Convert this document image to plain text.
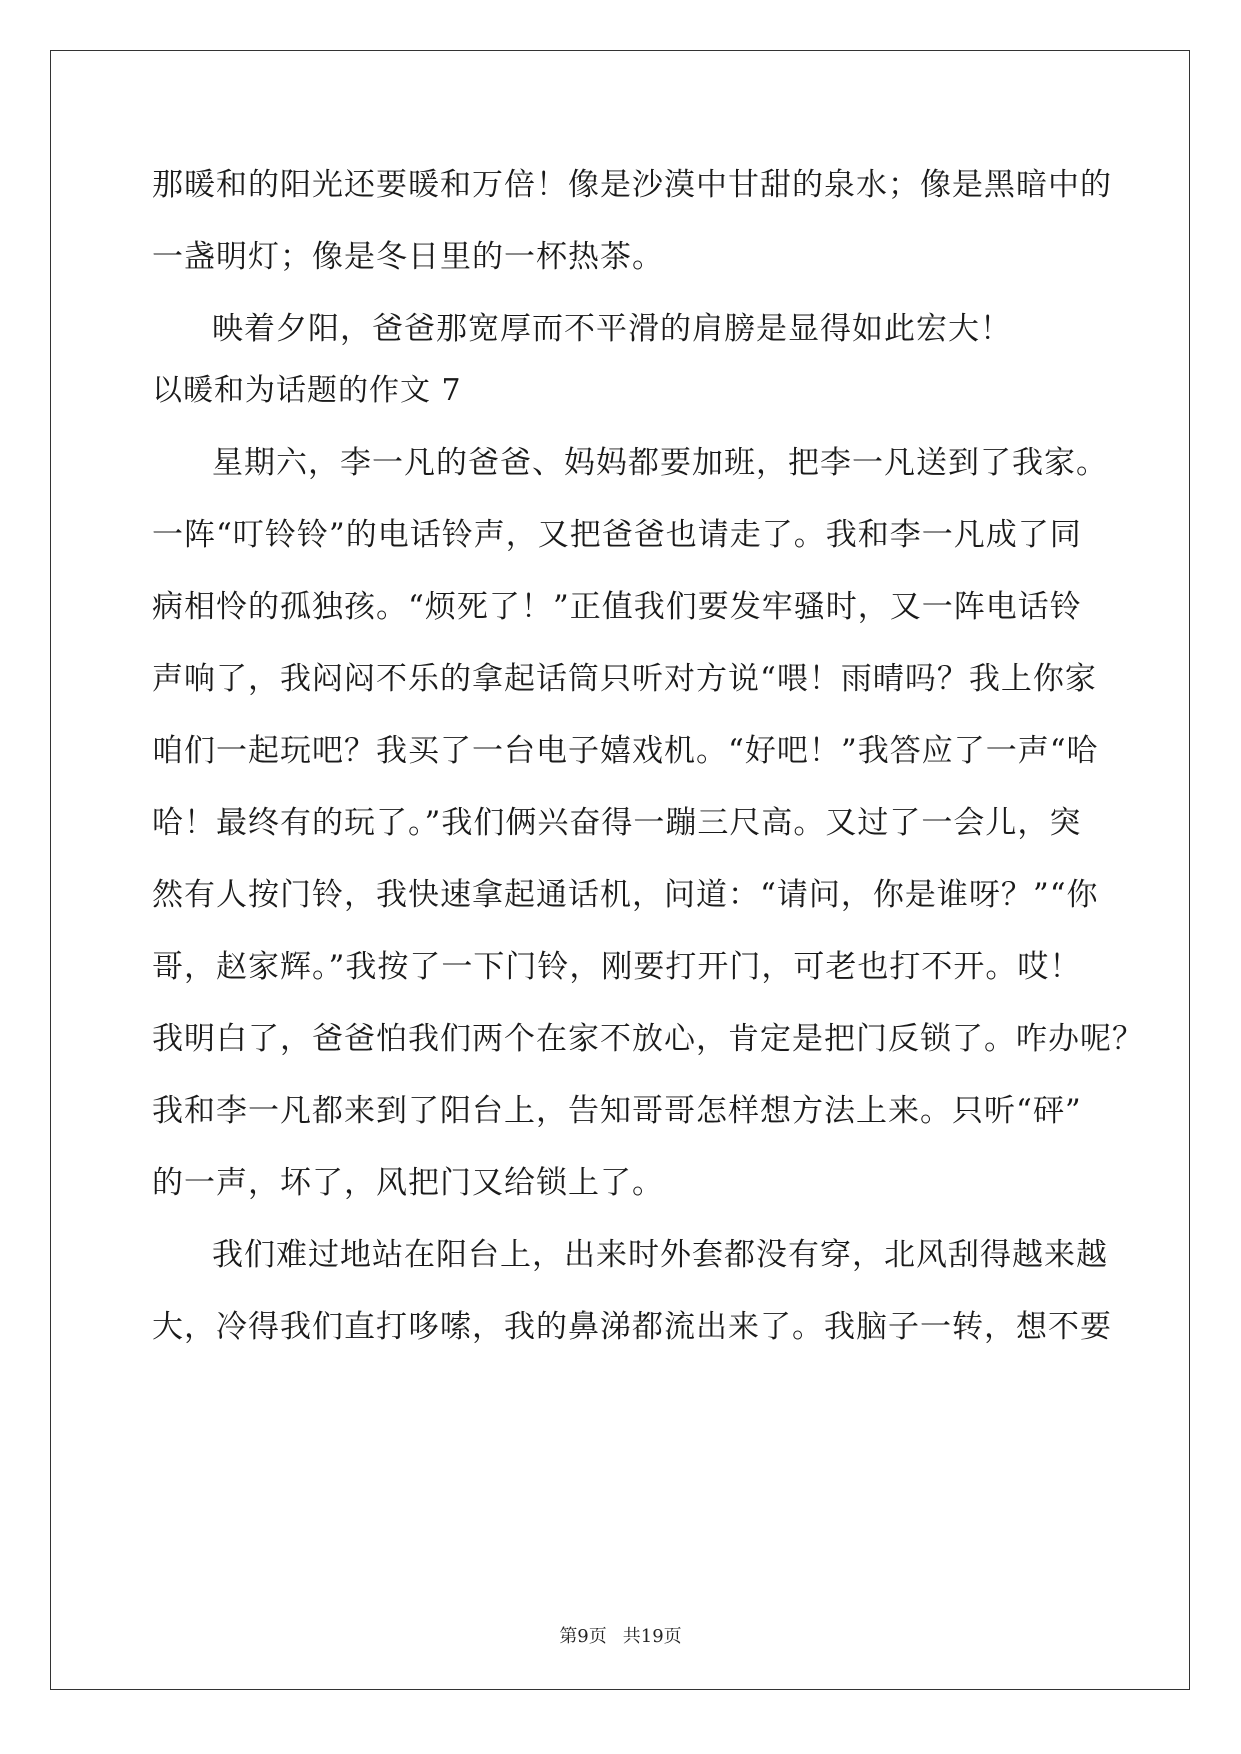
那暖和的阳光还要暖和万倍！像是沙漠中甘甜的泉水；像是黑暗中的
一盏明灯；像是冬日里的一杯热茶。
映着夕阳，爸爸那宽厚而不平滑的肩膀是显得如此宏大！
以暖和为话题的作文 7
星期六，李一凡的爸爸、妈妈都要加班，把李一凡送到了我家。
一阵“叮铃铃”的电话铃声，又把爸爸也请走了。我和李一凡成了同
病相怜的孤独孩。“烦死了！”正值我们要发牢骚时，又一阵电话铃
声响了，我闷闷不乐的拿起话筒只听对方说“喂！雨晴吗？我上你家
咱们一起玩吧？我买了一台电子嬉戏机。“好吧！”我答应了一声“哈
哈！最终有的玩了。”我们俩兴奋得一蹦三尺高。又过了一会儿，突
然有人按门铃，我快速拿起通话机，问道：“请问，你是谁呀？”“你
哥，赵家辉。”我按了一下门铃，刚要打开门，可老也打不开。哎！
我明白了，爸爸怕我们两个在家不放心，肯定是把门反锁了。咋办呢？
我和李一凡都来到了阳台上，告知哥哥怎样想方法上来。只听“砰”
的一声，坏了，风把门又给锁上了。
我们难过地站在阳台上，出来时外套都没有穿，北风刮得越来越
大，冷得我们直打哆嗦，我的鼻涕都流出来了。我脑子一转，想不要
第9页 共19页
